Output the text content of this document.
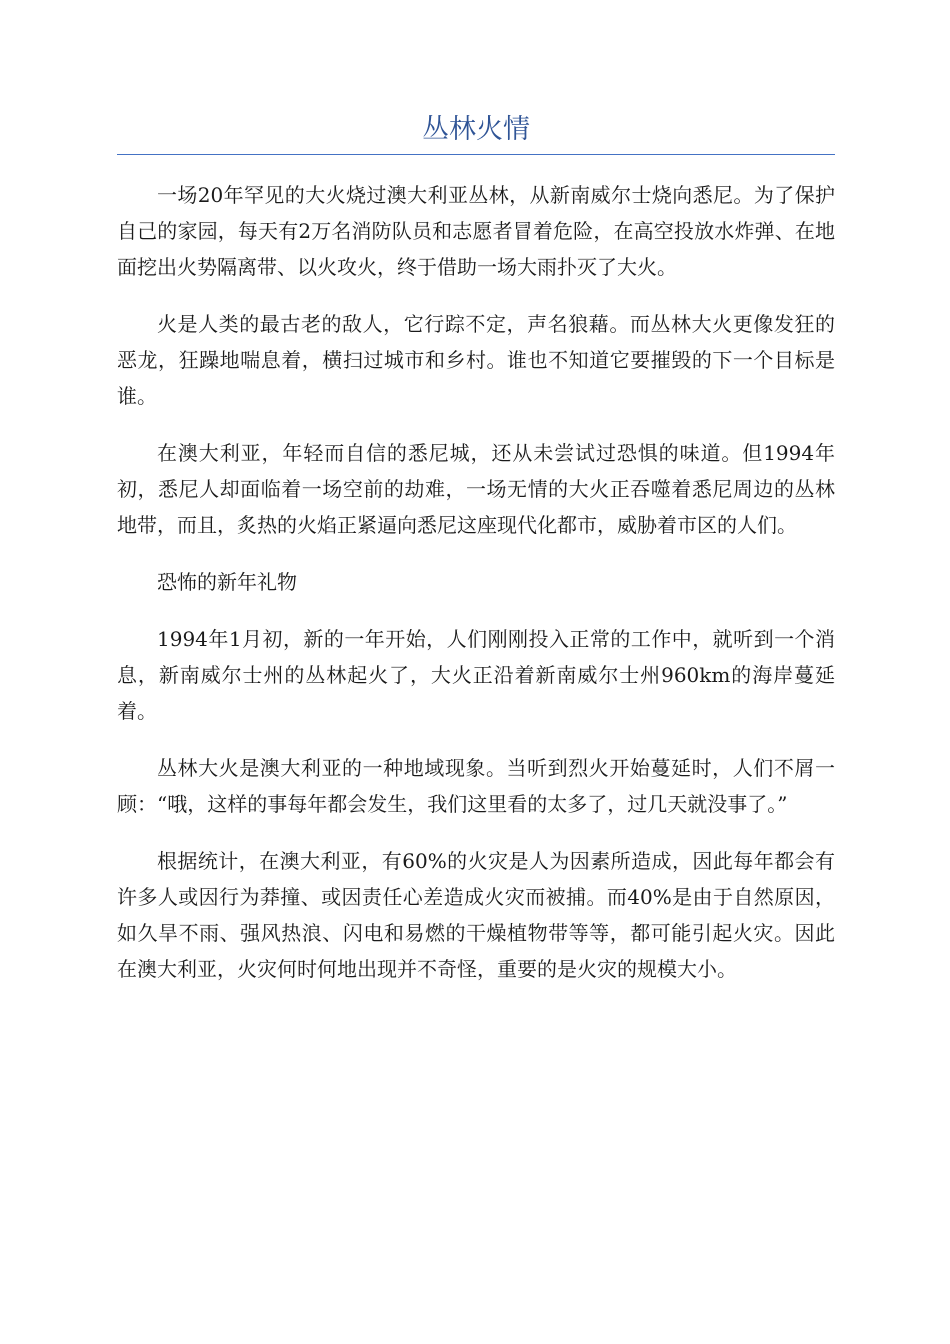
丛林火情

一场20年罕见的大火烧过澳大利亚丛林，从新南威尔士烧向悉尼。为了保护自己的家园，每天有2万名消防队员和志愿者冒着危险，在高空投放水炸弹、在地面挖出火势隔离带、以火攻火，终于借助一场大雨扑灭了大火。

火是人类的最古老的敌人，它行踪不定，声名狼藉。而丛林大火更像发狂的恶龙，狂躁地喘息着，横扫过城市和乡村。谁也不知道它要摧毁的下一个目标是谁。

在澳大利亚，年轻而自信的悉尼城，还从未尝试过恐惧的味道。但1994年初，悉尼人却面临着一场空前的劫难，一场无情的大火正吞噬着悉尼周边的丛林地带，而且，炙热的火焰正紧逼向悉尼这座现代化都市，威胁着市区的人们。

恐怖的新年礼物

1994年1月初，新的一年开始，人们刚刚投入正常的工作中，就听到一个消息，新南威尔士州的丛林起火了，大火正沿着新南威尔士州960km的海岸蔓延着。

丛林大火是澳大利亚的一种地域现象。当听到烈火开始蔓延时，人们不屑一顾：“哦，这样的事每年都会发生，我们这里看的太多了，过几天就没事了。”

根据统计，在澳大利亚，有60%的火灾是人为因素所造成，因此每年都会有许多人或因行为莽撞、或因责任心差造成火灾而被捕。而40%是由于自然原因，如久旱不雨、强风热浪、闪电和易燃的干燥植物带等等，都可能引起火灾。因此在澳大利亚，火灾何时何地出现并不奇怪，重要的是火灾的规模大小。
